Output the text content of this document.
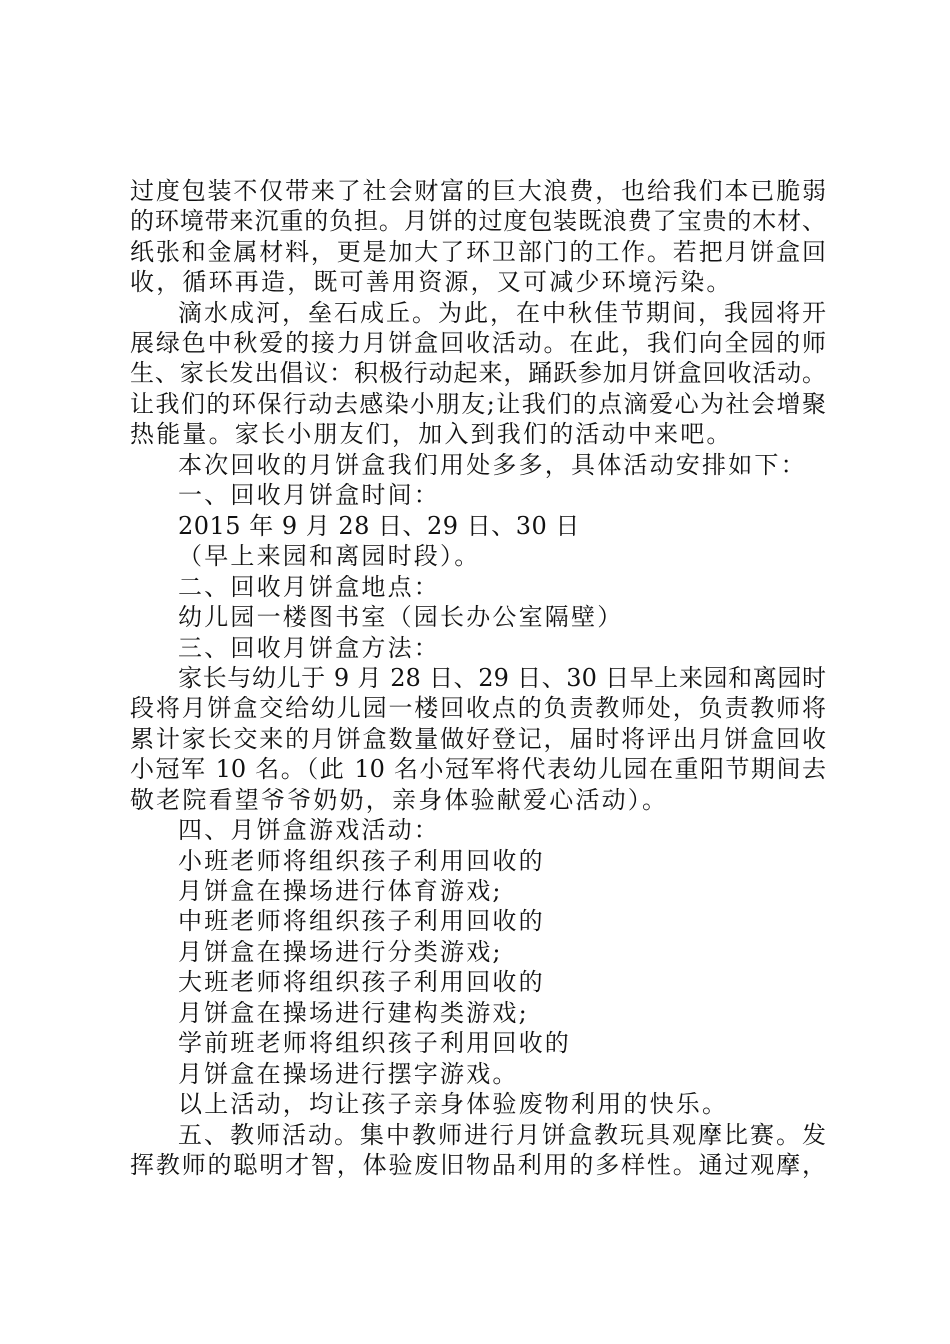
过度包装不仅带来了社会财富的巨大浪费，也给我们本已脆弱
的环境带来沉重的负担。月饼的过度包装既浪费了宝贵的木材、
纸张和金属材料，更是加大了环卫部门的工作。若把月饼盒回
收，循环再造，既可善用资源，又可减少环境污染。
滴水成河，垒石成丘。为此，在中秋佳节期间，我园将开
展绿色中秋爱的接力月饼盒回收活动。在此，我们向全园的师
生、家长发出倡议：积极行动起来，踊跃参加月饼盒回收活动。
让我们的环保行动去感染小朋友;让我们的点滴爱心为社会增聚
热能量。家长小朋友们，加入到我们的活动中来吧。
本次回收的月饼盒我们用处多多，具体活动安排如下：
一、回收月饼盒时间：
2015 年 9 月 28 日、29 日、30 日
（早上来园和离园时段）。
二、回收月饼盒地点：
幼儿园一楼图书室（园长办公室隔壁）
三、回收月饼盒方法：
家长与幼儿于 9 月 28 日、29 日、30 日早上来园和离园时
段将月饼盒交给幼儿园一楼回收点的负责教师处，负责教师将
累计家长交来的月饼盒数量做好登记，届时将评出月饼盒回收
小冠军 10 名。（此 10 名小冠军将代表幼儿园在重阳节期间去
敬老院看望爷爷奶奶，亲身体验献爱心活动）。
四、月饼盒游戏活动：
小班老师将组织孩子利用回收的
月饼盒在操场进行体育游戏;
中班老师将组织孩子利用回收的
月饼盒在操场进行分类游戏;
大班老师将组织孩子利用回收的
月饼盒在操场进行建构类游戏;
学前班老师将组织孩子利用回收的
月饼盒在操场进行摆字游戏。
以上活动，均让孩子亲身体验废物利用的快乐。
五、教师活动。集中教师进行月饼盒教玩具观摩比赛。发
挥教师的聪明才智，体验废旧物品利用的多样性。通过观摩，
